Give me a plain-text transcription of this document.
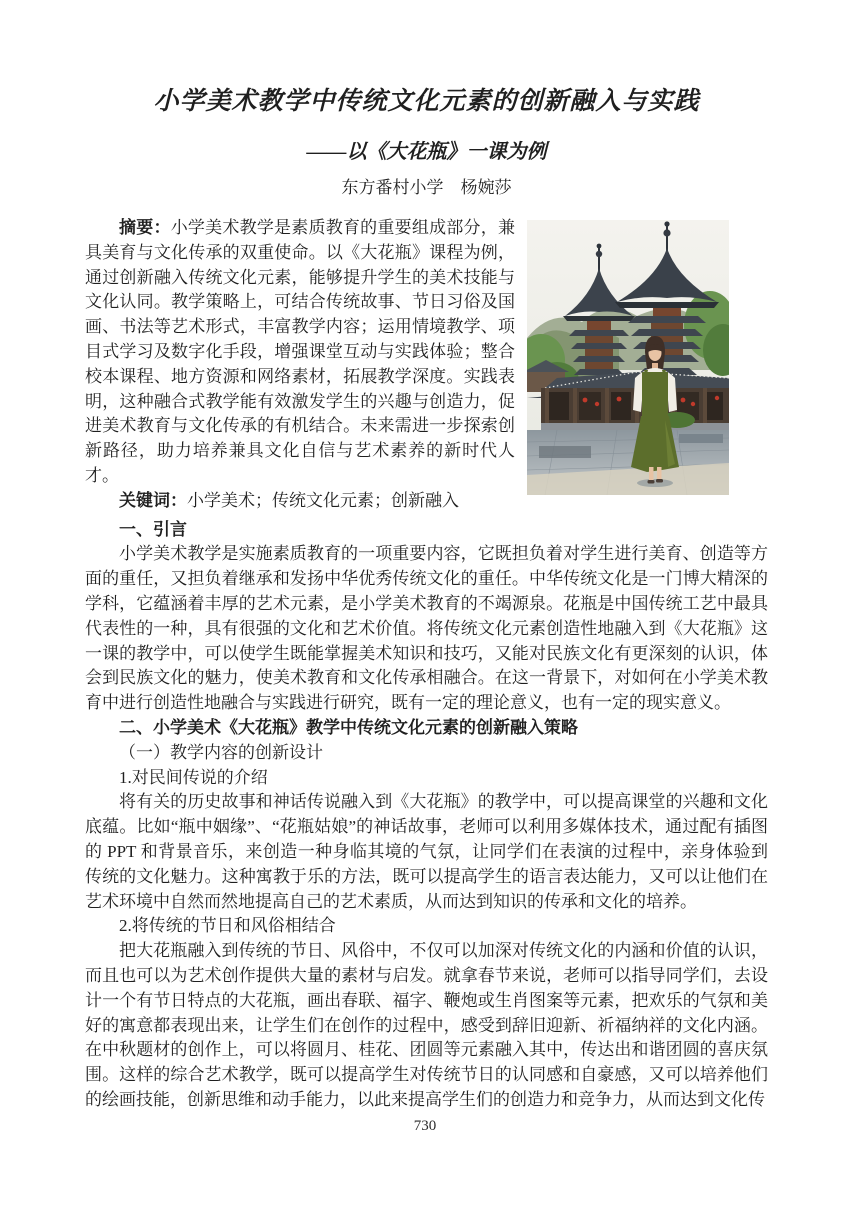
小学美术教学中传统文化元素的创新融入与实践
——以《大花瓶》一课为例
东方番村小学　杨婉莎

摘要：小学美术教学是素质教育的重要组成部分，兼具美育与文化传承的双重使命。以《大花瓶》课程为例，通过创新融入传统文化元素，能够提升学生的美术技能与文化认同。教学策略上，可结合传统故事、节日习俗及国画、书法等艺术形式，丰富教学内容；运用情境教学、项目式学习及数字化手段，增强课堂互动与实践体验；整合校本课程、地方资源和网络素材，拓展教学深度。实践表明，这种融合式教学能有效激发学生的兴趣与创造力，促进美术教育与文化传承的有机结合。未来需进一步探索创新路径，助力培养兼具文化自信与艺术素养的新时代人才。

关键词：小学美术；传统文化元素；创新融入

一、引言

小学美术教学是实施素质教育的一项重要内容，它既担负着对学生进行美育、创造等方面的重任，又担负着继承和发扬中华优秀传统文化的重任。中华传统文化是一门博大精深的学科，它蕴涵着丰厚的艺术元素，是小学美术教育的不竭源泉。花瓶是中国传统工艺中最具代表性的一种，具有很强的文化和艺术价值。将传统文化元素创造性地融入到《大花瓶》这一课的教学中，可以使学生既能掌握美术知识和技巧，又能对民族文化有更深刻的认识，体会到民族文化的魅力，使美术教育和文化传承相融合。在这一背景下，对如何在小学美术教育中进行创造性地融合与实践进行研究，既有一定的理论意义，也有一定的现实意义。

二、小学美术《大花瓶》教学中传统文化元素的创新融入策略

（一）教学内容的创新设计

1.对民间传说的介绍

将有关的历史故事和神话传说融入到《大花瓶》的教学中，可以提高课堂的兴趣和文化底蕴。比如“瓶中姻缘”、“花瓶姑娘”的神话故事，老师可以利用多媒体技术，通过配有插图的 PPT 和背景音乐，来创造一种身临其境的气氛，让同学们在表演的过程中，亲身体验到传统的文化魅力。这种寓教于乐的方法，既可以提高学生的语言表达能力，又可以让他们在艺术环境中自然而然地提高自己的艺术素质，从而达到知识的传承和文化的培养。

2.将传统的节日和风俗相结合

把大花瓶融入到传统的节日、风俗中，不仅可以加深对传统文化的内涵和价值的认识，而且也可以为艺术创作提供大量的素材与启发。就拿春节来说，老师可以指导同学们，去设计一个有节日特点的大花瓶，画出春联、福字、鞭炮或生肖图案等元素，把欢乐的气氛和美好的寓意都表现出来，让学生们在创作的过程中，感受到辞旧迎新、祈福纳祥的文化内涵。在中秋题材的创作上，可以将圆月、桂花、团圆等元素融入其中，传达出和谐团圆的喜庆氛围。这样的综合艺术教学，既可以提高学生对传统节日的认同感和自豪感，又可以培养他们的绘画技能，创新思维和动手能力，以此来提高学生们的创造力和竞争力，从而达到文化传

730
